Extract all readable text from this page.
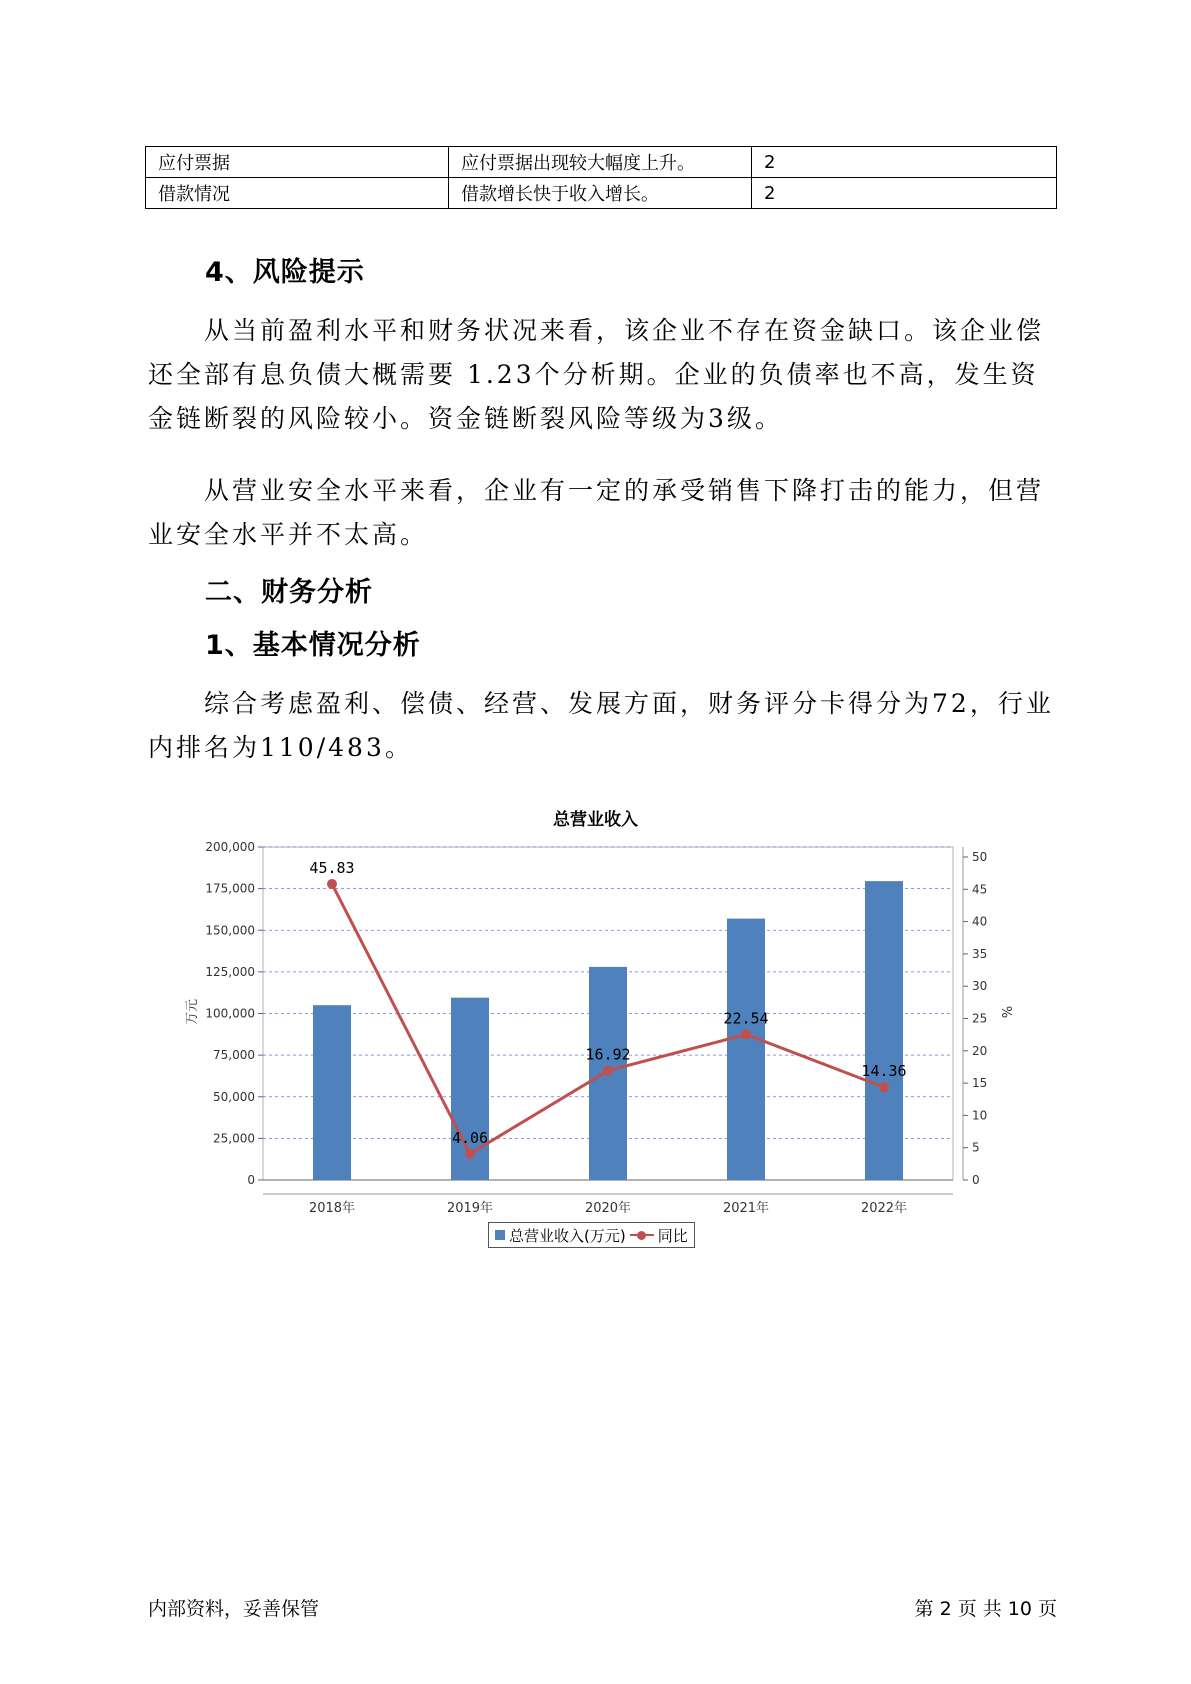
应付票据	应付票据出现较大幅度上升。	2
借款情况	借款增长快于收入增长。	2
4、风险提示

从当前盈利水平和财务状况来看，该企业不存在资金缺口。该企业偿还全部有息负债大概需要 1.23个分析期。企业的负债率也不高，发生资金链断裂的风险较小。资金链断裂风险等级为3级。

从营业安全水平来看，企业有一定的承受销售下降打击的能力，但营业安全水平并不太高。

二、财务分析
1、基本情况分析

综合考虑盈利、偿债、经营、发展方面，财务评分卡得分为72，行业内排名为110/483。

总营业收入
0
25,000
50,000
75,000
100,000
125,000
150,000
175,000
200,000
0
5
10
15
20
25
30
35
40
45
50
万元	%
2018年	2019年	2020年	2021年	2022年
45.83
4.06
16.92
22.54
14.36
总营业收入(万元) 同比
内部资料，妥善保管	第 2 页 共 10 页
